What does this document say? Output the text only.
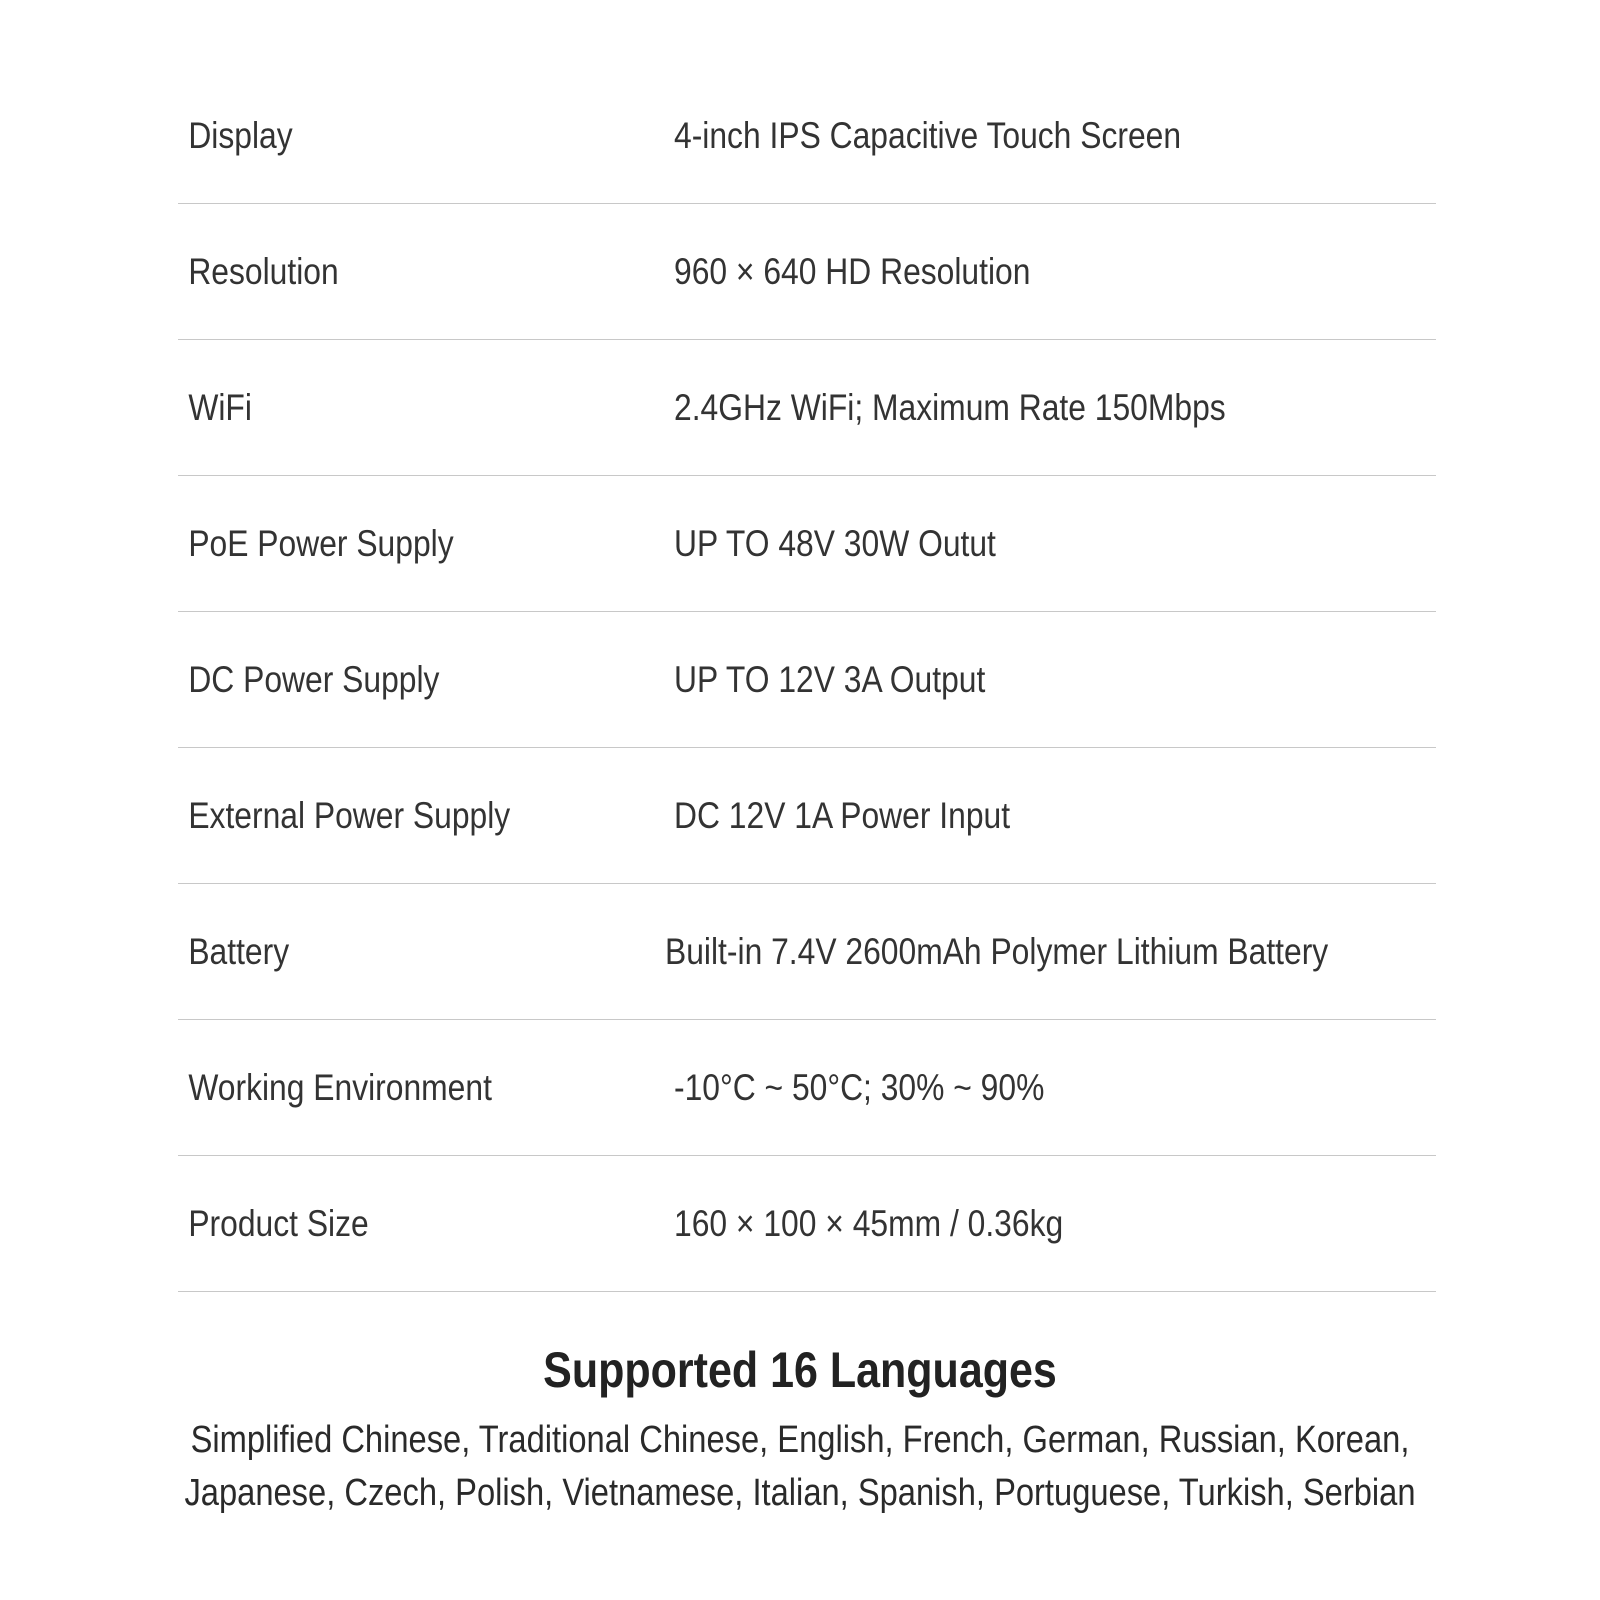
Display	4-inch IPS Capacitive Touch Screen
Resolution	960 × 640 HD Resolution
WiFi	2.4GHz WiFi; Maximum Rate 150Mbps
PoE Power Supply	UP TO 48V 30W Outut
DC Power Supply	UP TO 12V 3A Output
External Power Supply	DC 12V 1A Power Input
Battery	Built-in 7.4V 2600mAh Polymer Lithium Battery
Working Environment	-10°C ~ 50°C; 30% ~ 90%
Product Size	160 × 100 × 45mm / 0.36kg
Supported 16 Languages
Simplified Chinese, Traditional Chinese, English, French, German, Russian, Korean,
Japanese, Czech, Polish, Vietnamese, Italian, Spanish, Portuguese, Turkish, Serbian
